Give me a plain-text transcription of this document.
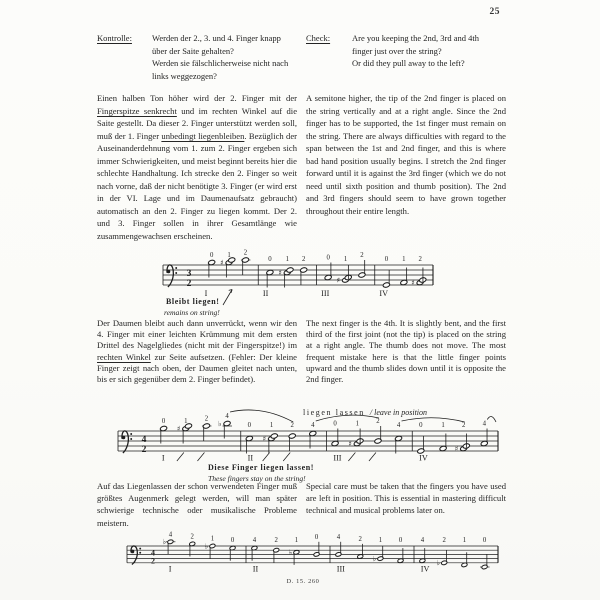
25
Kontrolle:	Werden der 2., 3. und 4. Finger knapp
über der Saite gehalten?
Werden sie fälschlicherweise nicht nach
links weggezogen?
Check:	Are you keeping the 2nd, 3rd and 4th
finger just over the string?
Or did they pull away to the left?
Einen halben Ton höher wird der 2. Finger mit der Fingerspitze senkrecht und im rechten Winkel auf die Saite gestellt. Da dieser 2. Finger unterstützt werden soll, muß der 1. Finger unbedingt liegenbleiben. Bezüglich der Auseinanderdehnung vom 1. zum 2. Finger ergeben sich immer Schwierigkeiten, und meist beginnt bereits hier die schlechte Handhaltung. Ich strecke den 2. Finger so weit nach vorne, daß der nicht benötigte 3. Finger (er wird erst in der VI. Lage und im Daumenaufsatz gebraucht) automatisch an den 2. Finger zu liegen kommt. Der 2. und 3. Finger sollen in ihrer Gesamtlänge wie zusammengewachsen erscheinen.
A semitone higher, the tip of the 2nd finger is placed on the string vertically and at a right angle. Since the 2nd finger has to be supported, the 1st finger must remain on the string. There are always difficulties with regard to the span between the 1st and 2nd finger, and this is where bad hand position usually begins. I stretch the 2nd finger forward until it is against the 3rd finger (which we do not need until sixth position and thumb position). The 2nd and 3rd fingers should seem to have grown together throughout their entire length.
Der Daumen bleibt auch dann unverrückt, wenn wir den 4. Finger mit einer leichten Krümmung mit dem ersten Drittel des Nagelgliedes (nicht mit der Fingerspitze!) im rechten Winkel zur Seite aufsetzen. (Fehler: Der kleine Finger zeigt nach oben, der Daumen gleitet nach unten, bis er sich gegenüber dem 2. Finger befindet).
The next finger is the 4th. It is slightly bent, and the first third of the first joint (not the tip) is placed on the string at a right angle. The thumb does not move. The most frequent mistake here is that the little finger points upward and the thumb slides down until it is opposite the 2nd finger.
Auf das Liegenlassen der schon verwendeten Finger muß größtes Augenmerk gelegt werden, will man später schwierige technische oder musikalische Probleme meistern.
Special care must be taken that the fingers you have used are left in position. This is essential in mastering difficult technical and musical problems later on.
Bleibt liegen!
remains on string!
liegen lassen / leave in position
Diese Finger liegen lassen!
These fingers stay on the string!
D. 15. 260
3
2
0
♯
1 2
I
0
♯
1 2
II
0
♯
1
2
III
0 1
♯
2
IV
4
2
0
♯
1	2 ♭
4
I
0
♯
1	2	4
II
0
♯
1	2
4
III
0	1
♯
2	4
IV
4
2
♭
4	2
♭
1 0
I
4	2
♭
1 0
II
4	2
♭
1 0
III
4
♭
2 1 0
IV
